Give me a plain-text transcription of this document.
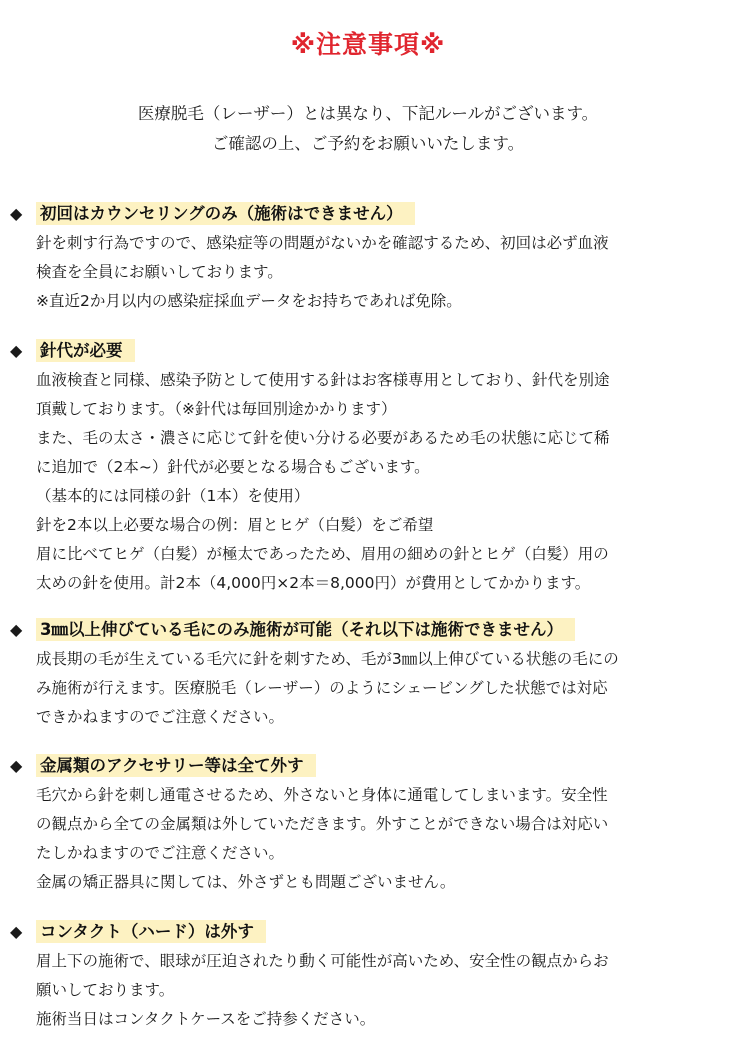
※注意事項※
医療脱毛（レーザー）とは異なり、下記ルールがございます。
ご確認の上、ご予約をお願いいたします。
◆	初回はカウンセリングのみ（施術はできません）
針を刺す行為ですので、感染症等の問題がないかを確認するため、初回は必ず血液
検査を全員にお願いしております。
※直近2か月以内の感染症採血データをお持ちであれば免除。
◆	針代が必要
血液検査と同様、感染予防として使用する針はお客様専用としており、針代を別途
頂戴しております。（※針代は毎回別途かかります）
また、毛の太さ・濃さに応じて針を使い分ける必要があるため毛の状態に応じて稀
に追加で（2本~）針代が必要となる場合もございます。
（基本的には同様の針（1本）を使用）
針を2本以上必要な場合の例：眉とヒゲ（白髪）をご希望
眉に比べてヒゲ（白髪）が極太であったため、眉用の細めの針とヒゲ（白髪）用の
太めの針を使用。計2本（4,000円×2本＝8,000円）が費用としてかかります。
◆	3㎜以上伸びている毛にのみ施術が可能（それ以下は施術できません）
成長期の毛が生えている毛穴に針を刺すため、毛が3㎜以上伸びている状態の毛にの
み施術が行えます。医療脱毛（レーザー）のようにシェービングした状態では対応
できかねますのでご注意ください。
◆	金属類のアクセサリー等は全て外す
毛穴から針を刺し通電させるため、外さないと身体に通電してしまいます。安全性
の観点から全ての金属類は外していただきます。外すことができない場合は対応い
たしかねますのでご注意ください。
金属の矯正器具に関しては、外さずとも問題ございません。
◆	コンタクト（ハード）は外す
眉上下の施術で、眼球が圧迫されたり動く可能性が高いため、安全性の観点からお
願いしております。
施術当日はコンタクトケースをご持参ください。
